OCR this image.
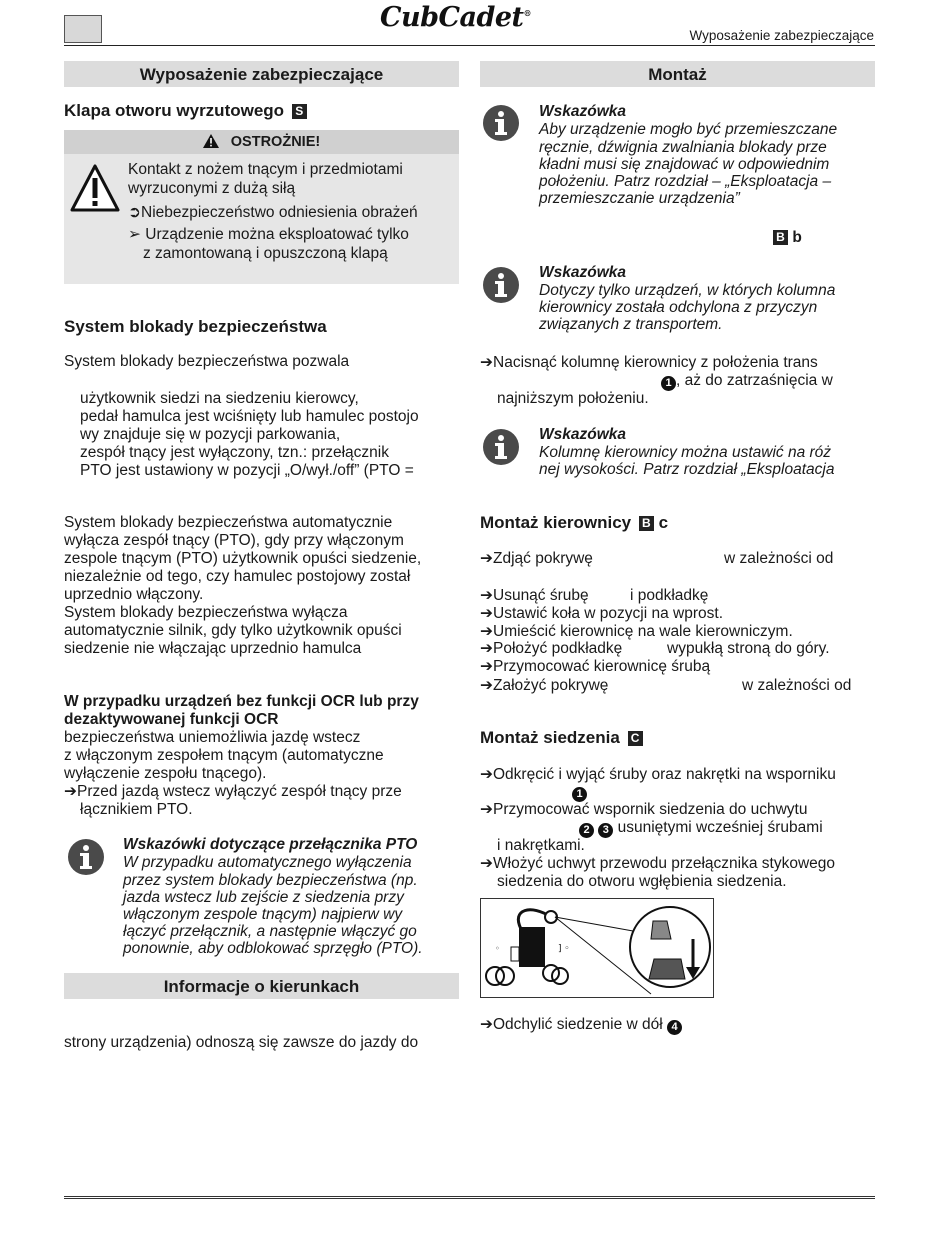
CubCadet®
Wyposażenie zabezpieczające
Wyposażenie zabezpieczające
Klapa otworu wyrzutowego S
OSTROŻNIE!
Kontakt z nożem tnącym i przedmiotami
wyrzuconymi z dużą siłą
➲Niebezpieczeństwo odniesienia obrażeń
➢ Urządzenie można eksploatować tylko
z zamontowaną i opuszczoną klapą
System blokady bezpieczeństwa
System blokady bezpieczeństwa pozwala
użytkownik siedzi na siedzeniu kierowcy,
pedał hamulca jest wciśnięty lub hamulec postojo
wy znajduje się w pozycji parkowania,
zespół tnący jest wyłączony, tzn.: przełącznik
PTO jest ustawiony w pozycji „O/wył./off” (PTO =
System blokady bezpieczeństwa automatycznie
wyłącza zespół tnący (PTO), gdy przy włączonym
zespole tnącym (PTO) użytkownik opuści siedzenie,
niezależnie od tego, czy hamulec postojowy został
uprzednio włączony.
System blokady bezpieczeństwa wyłącza
automatycznie silnik, gdy tylko użytkownik opuści
siedzenie nie włączając uprzednio hamulca
W przypadku urządzeń bez funkcji OCR lub przy
dezaktywowanej funkcji OCR
bezpieczeństwa uniemożliwia jazdę wstecz
z włączonym zespołem tnącym (automatyczne
wyłączenie zespołu tnącego).
➔Przed jazdą wstecz wyłączyć zespół tnący prze
łącznikiem PTO.
Wskazówki dotyczące przełącznika PTO
W przypadku automatycznego wyłączenia
przez system blokady bezpieczeństwa (np.
jazda wstecz lub zejście z siedzenia przy
włączonym zespole tnącym) najpierw wy
łączyć przełącznik, a następnie włączyć go
ponownie, aby odblokować sprzęgło (PTO).
Informacje o kierunkach
strony urządzenia) odnoszą się zawsze do jazdy do
Montaż
Wskazówka
Aby urządzenie mogło być przemieszczane
ręcznie, dźwignia zwalniania blokady prze
kładni musi się znajdować w odpowiednim
położeniu. Patrz rozdział – „Eksploatacja –
przemieszczanie urządzenia”
B b
Wskazówka
Dotyczy tylko urządzeń, w których kolumna
kierownicy została odchylona z przyczyn
związanych z transportem.
➔Nacisnąć kolumnę kierownicy z położenia trans
1 , aż do zatrzaśnięcia w
najniższym położeniu.
Wskazówka
Kolumnę kierownicy można ustawić na róż
nej wysokości. Patrz rozdział „Eksploatacja
Montaż kierownicy B c
➔Zdjąć pokrywę	w zależności od
➔Usunąć śrubę	i podkładkę
➔Ustawić koła w pozycji na wprost.
➔Umieścić kierownicę na wale kierowniczym.
➔Położyć podkładkę	wypukłą stroną do góry.
➔Przymocować kierownicę śrubą
➔Założyć pokrywę	w zależności od
Montaż siedzenia C
➔Odkręcić i wyjąć śruby oraz nakrętki na wsporniku
1
➔Przymocować wspornik siedzenia do uchwytu
2 3 usuniętymi wcześniej śrubami
i nakrętkami.
➔Włożyć uchwyt przewodu przełącznika stykowego
siedzenia do otworu wgłębienia siedzenia.
] ◦
◦
➔Odchylić siedzenie w dół 4
